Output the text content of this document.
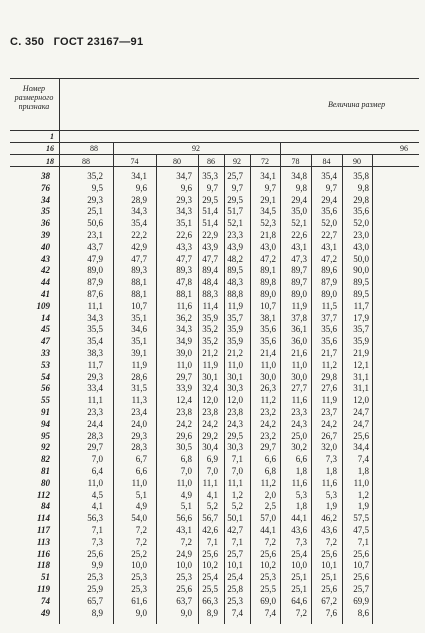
С. 350 ГОСТ 23167—91
Номер
размерного
признака	Величина размер
1
16	88	92	96
18	88	74	80	86	92	72	78	84	90
38	35,2	34,1	34,7 35,3 25,7 34,1 34,8 35,4 35,8
76	9,5	9,6	9,6 9,7 9,7 9,7 9,8 9,7 9,8
34	29,3	28,9	29,3 29,5 29,5 29,1 29,4 29,4 29,8
35	25,1	34,3	34,3 51,4 51,7 34,5 35,0 35,6 35,6
36	50,6	35,4	35,1 51,4 52,1 52,3 52,1 52,0 52,0
39	23,1	22,2	22,6 22,9 23,3 21,8 22,6 22,7 23,0
40	43,7	42,9	43,3 43,9 43,9 43,0 43,1 43,1 43,0
43	47,9	47,7	47,7 47,7 48,2 47,2 47,3 47,2 50,0
42	89,0	89,3	89,3 89,4 89,5 89,1 89,7 89,6 90,0
44	87,9	88,1	47,8 48,4 48,3 89,8 89,7 87,9 89,5
41	87,6	88,1	88,1 88,3 88,8 89,0 89,0 89,0 89,5
109	11,1	10,7	11,6 11,4 11,9 10,7 11,9 11,5 11,7
14	34,3	35,1	36,2 35,9 35,7 38,1 37,8 37,7 17,9
45	35,5	34,6	34,3 35,2 35,9 35,6 36,1 35,6 35,7
47	35,4	35,1	34,9 35,2 35,9 35,6 36,0 35,6 35,9
33	38,3	39,1	39,0 21,2 21,2 21,4 21,6 21,7 21,9
53	11,7	11,9	11,0 11,9 11,0 11,0 11,0 11,2 12,1
54	29,3	28,6	29,7 30,1 30,1 30,0 30,0 29,8 31,1
56	33,4	31,5	33,9 32,4 30,3 26,3 27,7 27,6 31,1
55	11,1	11,3	12,4 12,0 12,0 11,2 11,6 11,9 12,0
91	23,3	23,4	23,8 23,8 23,8 23,2 23,3 23,7 24,7
94	24,4	24,0	24,2 24,2 24,3 24,2 24,3 24,2 24,7
95	28,3	29,3	29,6 29,2 29,5 23,2 25,0 26,7 25,6
92	29,7	28,3	30,5 30,4 30,3 29,7 30,2 32,0 34,4
82	7,0	6,7	6,8 6,9 7,1 6,6 6,6 7,3 7,4
81	6,4	6,6	7,0 7,0 7,0 6,8 1,8 1,8 1,8
80	11,0	11,0	11,0 11,1 11,1 11,2 11,6 11,6 11,0
112	4,5	5,1	4,9 4,1 1,2 2,0 5,3 5,3 1,2
84	4,1	4,9	5,1 5,2 5,2 2,5 1,8 1,9 1,9
114	56,3	54,0	56,6 56,7 50,1 57,0 44,1 46,2 57,5
117	7,1	7,2	43,1 42,6 42,7 44,1 43,6 43,6 47,5
113	7,3	7,2	7,2 7,1 7,1 7,2 7,3 7,2 7,1
116	25,6	25,2	24,9 25,6 25,7 25,6 25,4 25,6 25,6
118	9,9	10,0	10,0 10,2 10,1 10,2 10,0 10,1 10,7
51	25,3	25,3	25,3 25,4 25,4 25,3 25,1 25,1 25,6
119	25,9	25,3	25,6 25,5 25,8 25,5 25,1 25,6 25,7
74	65,7	61,6	63,7 66,3 25,3 69,0 64,6 67,2 69,9
49	8,9	9,0	9,0 8,9 7,4 7,4 7,2 7,6 8,6
